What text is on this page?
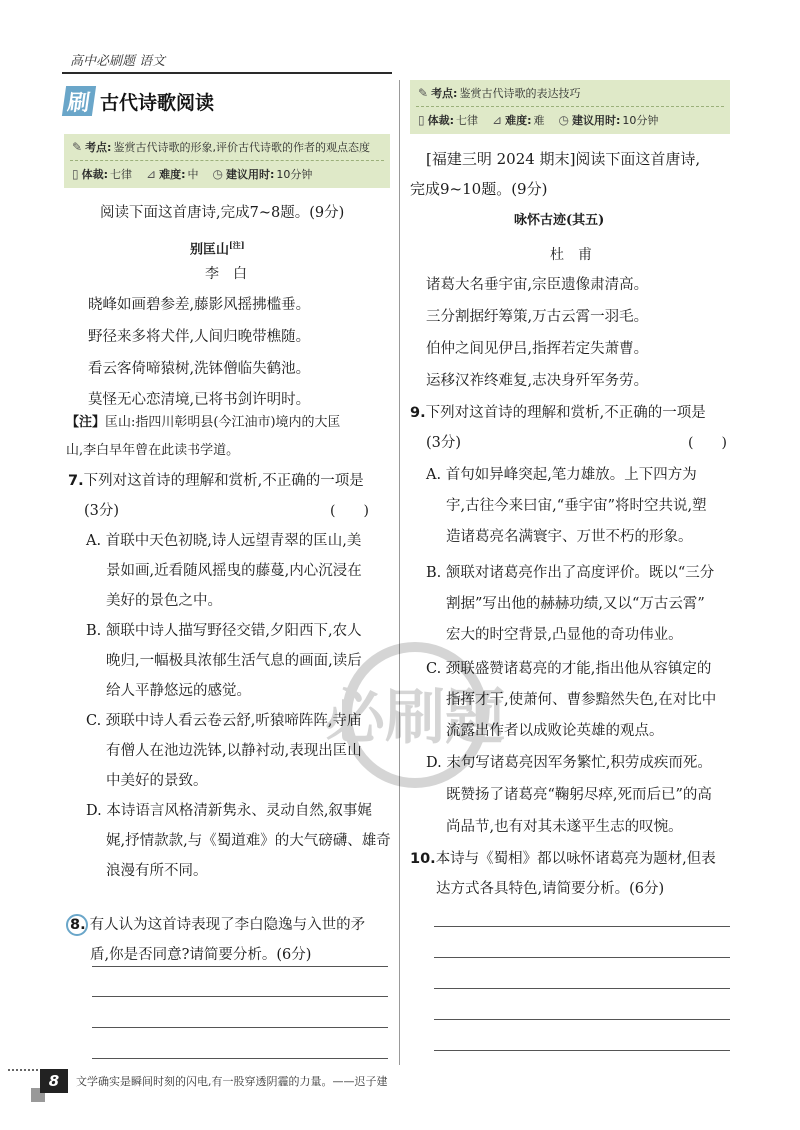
高中必刷题 语文
刷 古代诗歌阅读
✎ 考点: 鉴赏古代诗歌的形象,评价古代诗歌的作者的观点态度
▯ 体裁: 七律 ⊿ 难度: 中 ◷ 建议用时: 10分钟
阅读下面这首唐诗,完成7~8题。(9分)
别匡山[注]
李　白
晓峰如画碧参差,藤影风摇拂槛垂。
野径来多将犬伴,人间归晚带樵随。
看云客倚啼猿树,洗钵僧临失鹤池。
莫怪无心恋清境,已将书剑许明时。
【注】匡山:指四川彰明县(今江油市)境内的大匡
山,李白早年曾在此读书学道。
7.下列对这首诗的理解和赏析,不正确的一项是
(3分)	(　　)
A. 首联中天色初晓,诗人远望青翠的匡山,美
景如画,近看随风摇曳的藤蔓,内心沉浸在
美好的景色之中。
B. 颔联中诗人描写野径交错,夕阳西下,农人
晚归,一幅极具浓郁生活气息的画面,读后
给人平静悠远的感觉。
C. 颈联中诗人看云卷云舒,听猿啼阵阵,寺庙
有僧人在池边洗钵,以静衬动,表现出匡山
中美好的景致。
D. 本诗语言风格清新隽永、灵动自然,叙事娓
娓,抒情款款,与《蜀道难》的大气磅礴、雄奇
浪漫有所不同。
8. 有人认为这首诗表现了李白隐逸与入世的矛
盾,你是否同意?请简要分析。(6分)
✎ 考点: 鉴赏古代诗歌的表达技巧
▯ 体裁: 七律 ⊿ 难度: 难 ◷ 建议用时: 10分钟
[福建三明 2024 期末]阅读下面这首唐诗,
完成9~10题。(9分)
咏怀古迹(其五)
杜　甫
诸葛大名垂宇宙,宗臣遗像肃清高。
三分割据纡筹策,万古云霄一羽毛。
伯仲之间见伊吕,指挥若定失萧曹。
运移汉祚终难复,志决身歼军务劳。
9.下列对这首诗的理解和赏析,不正确的一项是
(3分)	(　　)
A. 首句如异峰突起,笔力雄放。上下四方为
宇,古往今来曰宙,“垂宇宙”将时空共说,塑
造诸葛亮名满寰宇、万世不朽的形象。
B. 颔联对诸葛亮作出了高度评价。既以“三分
割据”写出他的赫赫功绩,又以“万古云霄”
宏大的时空背景,凸显他的奇功伟业。
C. 颈联盛赞诸葛亮的才能,指出他从容镇定的
指挥才干,使萧何、曹参黯然失色,在对比中
流露出作者以成败论英雄的观点。
D. 末句写诸葛亮因军务繁忙,积劳成疾而死。
既赞扬了诸葛亮“鞠躬尽瘁,死而后已”的高
尚品节,也有对其未遂平生志的叹惋。
10.本诗与《蜀相》都以咏怀诸葛亮为题材,但表
达方式各具特色,请简要分析。(6分)
必刷题
8	文学确实是瞬间时刻的闪电,有一股穿透阴霾的力量。——迟子建
